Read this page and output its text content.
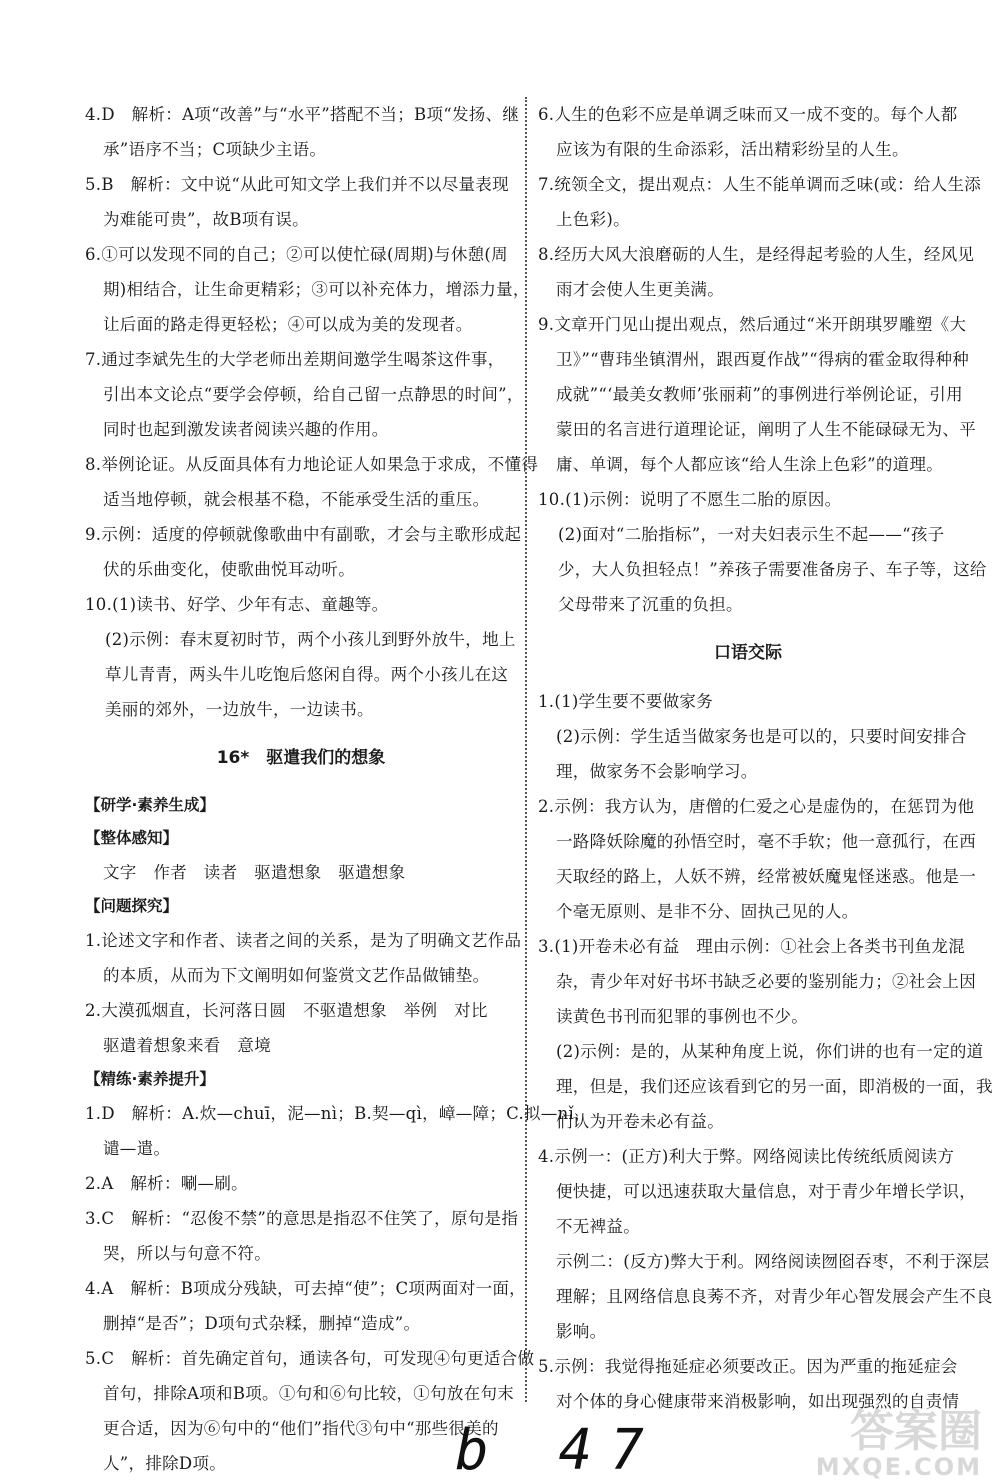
4.D　解析：A项“改善”与“水平”搭配不当；B项“发扬、继
承”语序不当；C项缺少主语。
5.B　解析：文中说“从此可知文学上我们并不以尽量表现
为难能可贵”，故B项有误。
6.①可以发现不同的自己；②可以使忙碌(周期)与休憩(周
期)相结合，让生命更精彩；③可以补充体力，增添力量，
让后面的路走得更轻松；④可以成为美的发现者。
7.通过李斌先生的大学老师出差期间邀学生喝茶这件事，
引出本文论点“要学会停顿，给自己留一点静思的时间”，
同时也起到激发读者阅读兴趣的作用。
8.举例论证。从反面具体有力地论证人如果急于求成，不懂得
适当地停顿，就会根基不稳，不能承受生活的重压。
9.示例：适度的停顿就像歌曲中有副歌，才会与主歌形成起
伏的乐曲变化，使歌曲悦耳动听。
10.(1)读书、好学、少年有志、童趣等。
(2)示例：春末夏初时节，两个小孩儿到野外放牛，地上
草儿青青，两头牛儿吃饱后悠闲自得。两个小孩儿在这
美丽的郊外，一边放牛，一边读书。
16*　驱遣我们的想象
【研学·素养生成】
【整体感知】
文字　作者　读者　驱遣想象　驱遣想象
【问题探究】
1.论述文字和作者、读者之间的关系，是为了明确文艺作品
的本质，从而为下文阐明如何鉴赏文艺作品做铺垫。
2.大漠孤烟直，长河落日圆　不驱遣想象　举例　对比
驱遣着想象来看　意境
【精练·素养提升】
1.D　解析：A.炊—chuī，泥—nì；B.契—qì，嶂—障；C.拟—nǐ，
谴—遣。
2.A　解析：唰—刷。
3.C　解析：“忍俊不禁”的意思是指忍不住笑了，原句是指
哭，所以与句意不符。
4.A　解析：B项成分残缺，可去掉“使”；C项两面对一面，
删掉“是否”；D项句式杂糅，删掉“造成”。
5.C　解析：首先确定首句，通读各句，可发现④句更适合做
首句，排除A项和B项。①句和⑥句比较，①句放在句末
更合适，因为⑥句中的“他们”指代③句中“那些很美的
人”，排除D项。
6.人生的色彩不应是单调乏味而又一成不变的。每个人都
应该为有限的生命添彩，活出精彩纷呈的人生。
7.统领全文，提出观点：人生不能单调而乏味(或：给人生添
上色彩)。
8.经历大风大浪磨砺的人生，是经得起考验的人生，经风见
雨才会使人生更美满。
9.文章开门见山提出观点，然后通过“米开朗琪罗雕塑《大
卫》”“曹玮坐镇渭州，跟西夏作战”“得病的霍金取得种种
成就”“‘最美女教师’张丽莉”的事例进行举例论证，引用
蒙田的名言进行道理论证，阐明了人生不能碌碌无为、平
庸、单调，每个人都应该“给人生涂上色彩”的道理。
10.(1)示例：说明了不愿生二胎的原因。
(2)面对“二胎指标”，一对夫妇表示生不起——“孩子
少，大人负担轻点！”养孩子需要准备房子、车子等，这给
父母带来了沉重的负担。
口语交际
1.(1)学生要不要做家务
(2)示例：学生适当做家务也是可以的，只要时间安排合
理，做家务不会影响学习。
2.示例：我方认为，唐僧的仁爱之心是虚伪的，在惩罚为他
一路降妖除魔的孙悟空时，毫不手软；他一意孤行，在西
天取经的路上，人妖不辨，经常被妖魔鬼怪迷惑。他是一
个毫无原则、是非不分、固执己见的人。
3.(1)开卷未必有益　理由示例：①社会上各类书刊鱼龙混
杂，青少年对好书坏书缺乏必要的鉴别能力；②社会上因
读黄色书刊而犯罪的事例也不少。
(2)示例：是的，从某种角度上说，你们讲的也有一定的道
理，但是，我们还应该看到它的另一面，即消极的一面，我
们认为开卷未必有益。
4.示例一：(正方)利大于弊。网络阅读比传统纸质阅读方
便快捷，可以迅速获取大量信息，对于青少年增长学识，
不无裨益。
示例二：(反方)弊大于利。网络阅读囫囵吞枣，不利于深层
理解；且网络信息良莠不齐，对青少年心智发展会产生不良
影响。
5.示例：我觉得拖延症必须要改正。因为严重的拖延症会
对个体的身心健康带来消极影响，如出现强烈的自责情
b 47	答案圈
MXQE.COM
